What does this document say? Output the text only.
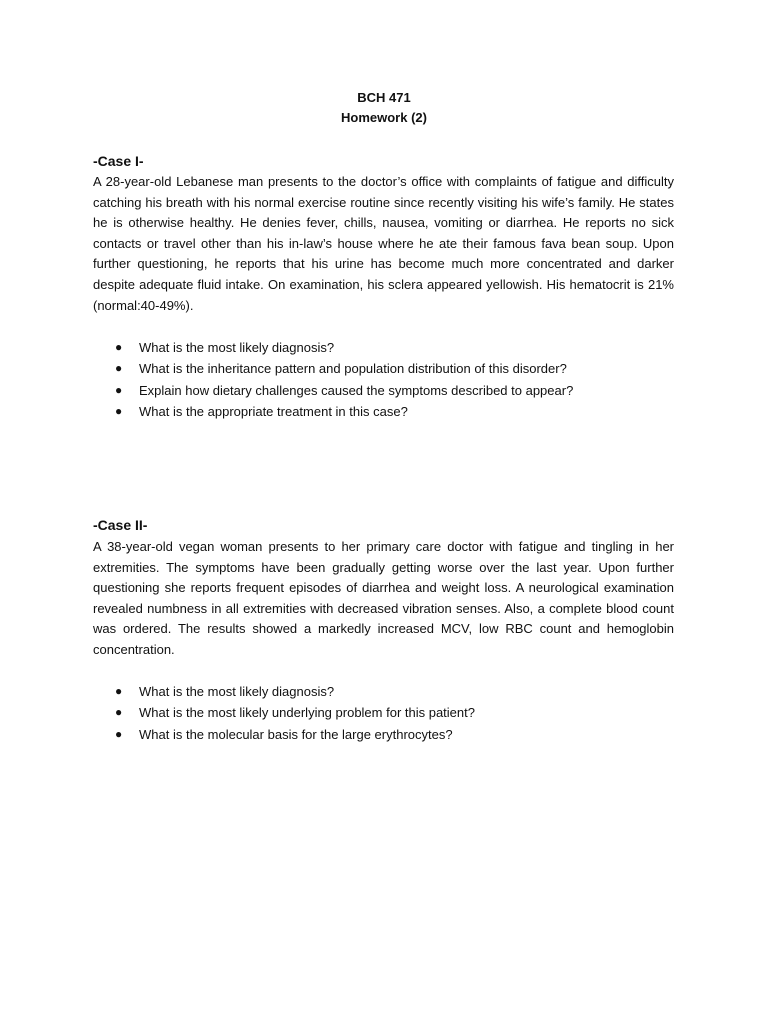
BCH 471
Homework (2)
-Case I-
A 28-year-old Lebanese man presents to the doctor’s office with complaints of fatigue and difficulty catching his breath with his normal exercise routine since recently visiting his wife’s family. He states he is otherwise healthy. He denies fever, chills, nausea, vomiting or diarrhea. He reports no sick contacts or travel other than his in-law’s house where he ate their famous fava bean soup. Upon further questioning, he reports that his urine has become much more concentrated and darker despite adequate fluid intake. On examination, his sclera appeared yellowish. His hematocrit is 21% (normal:40-49%).
● What is the most likely diagnosis?
● What is the inheritance pattern and population distribution of this disorder?
● Explain how dietary challenges caused the symptoms described to appear?
● What is the appropriate treatment in this case?
-Case II-
A 38-year-old vegan woman presents to her primary care doctor with fatigue and tingling in her extremities. The symptoms have been gradually getting worse over the last year. Upon further questioning she reports frequent episodes of diarrhea and weight loss. A neurological examination revealed numbness in all extremities with decreased vibration senses. Also, a complete blood count was ordered. The results showed a markedly increased MCV, low RBC count and hemoglobin concentration.
● What is the most likely diagnosis?
● What is the most likely underlying problem for this patient?
● What is the molecular basis for the large erythrocytes?
